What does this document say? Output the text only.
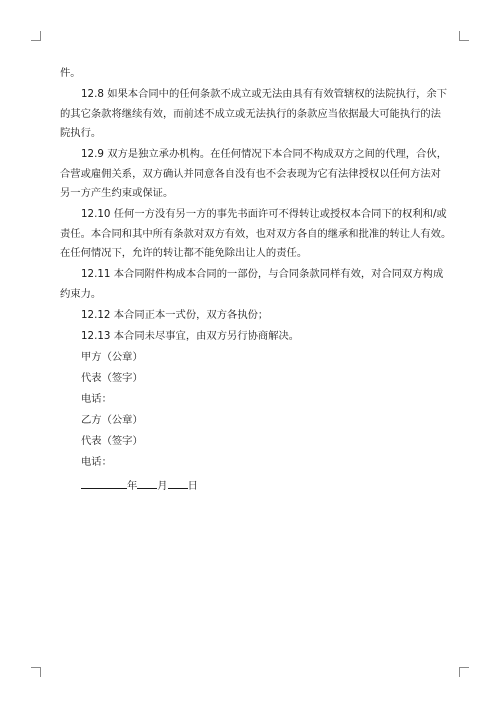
件。

12.8 如果本合同中的任何条款不成立或无法由具有有效管辖权的法院执行，余下

的其它条款将继续有效，而前述不成立或无法执行的条款应当依据最大可能执行的法

院执行。

12.9 双方是独立承办机构。在任何情况下本合同不构成双方之间的代理，合伙，

合营或雇佣关系，双方确认并同意各自没有也不会表现为它有法律授权以任何方法对

另一方产生约束或保证。

12.10 任何一方没有另一方的事先书面许可不得转让或授权本合同下的权利和/或

责任。本合同和其中所有条款对双方有效，也对双方各自的继承和批准的转让人有效。

在任何情况下，允许的转让都不能免除出让人的责任。

12.11 本合同附件构成本合同的一部份，与合同条款同样有效，对合同双方构成

约束力。

12.12 本合同正本一式份，双方各执份；

12.13 本合同未尽事宜，由双方另行协商解决。

甲方（公章）

代表（签字）

电话：

乙方（公章）

代表（签字）

电话：

年 月 日
